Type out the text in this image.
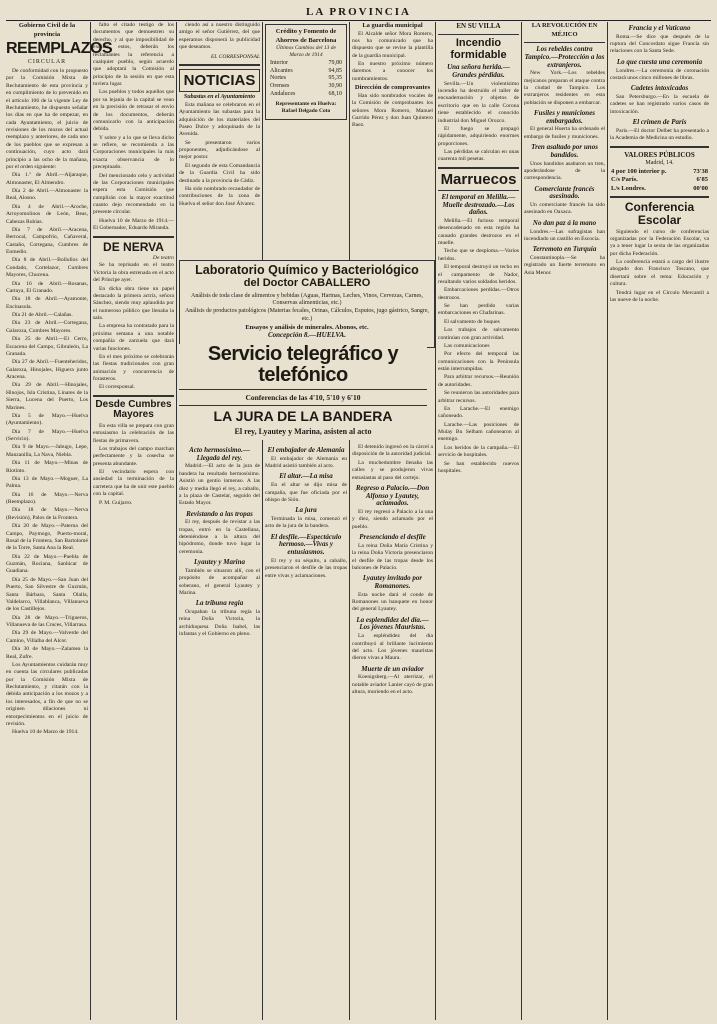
LA PROVINCIA
Gobierno Civil de la provincia
REEMPLAZOS
CIRCULAR

De conformidad con lo propuesto por la Comisión Mixta de Reclutamiento de esta provincia y en cumplimiento de lo prevenido en el artículo 106 de la vigente Ley de Reclutamiento, he dispuesto señalar los días en que ha de empezar, en cada Ayuntamiento, el juicio de revisiones de los mozos del actual reemplazo y anteriores, de cada uno de los pueblos que se expresan a continuación, cuyo acto dará principio a las ocho de la mañana, por el orden siguiente:

Día 1.º de Abril.—Aljaraque, Almonaster, El Almendro.

Día 2 de Abril.—Almonaster la Real, Alosno.

Día 4 de Abril.—Aroche, Arroyomolinos de León, Beas, Cabezas Rubias.

Día 7 de Abril.—Aracena, Berrocal, Campofrío, Cañaveral, Castaño, Cortegana, Cumbres de Enmedio.

Día 8 de Abril.—Bollullos del Condado, Cortelazor, Cumbres Mayores, Chucena.

Día 16 de Abril.—Rosanas, Cartaya, El Granado.

Día 18 de Abril.—Ayamonte, Encinasola.

Día 21 de Abril.—Calañas.

Día 23 de Abril.—Cortegana, Galaroza, Cumbres Mayores.

Día 25 de Abril.—El Cerro, Escacena del Campo, Gibraleón, La Granada.

Día 27 de Abril.—Fuenteheridos, Galaroza, Hinojales, Higuera junto Aracena.

Día 29 de Abril.—Hinojales, Hinojos, Isla Cristina, Linares de la Sierra, Lucena del Puerto, Los Marines.

Día 5 de Mayo.—Huelva (Ayuntamiento).

Día 7 de Mayo.—Huelva (Servicio).

Día 9 de Mayo.—Jabugo, Lepe, Manzanilla, La Nava, Niebla.

Día 11 de Mayo.—Minas de Riotinto.

Día 13 de Mayo.—Moguer, La Palma.

Día 16 de Mayo.—Nerva (Reemplazo).

Día 18 de Mayo.—Nerva (Revisión), Palos de la Frontera.

Día 20 de Mayo.—Paterna del Campo, Paymogo, Puerto-moral, Rosal de la Frontera, San Bartolomé de la Torre, Santa Ana la Real.

Día 22 de Mayo.—Puebla de Guzmán, Rociana, Sanlúcar de Guadiana.

Día 25 de Mayo.—San Juan del Puerto, San Silvestre de Guzmán, Santa Bárbara, Santa Olalla, Valdelarco, Villablanca, Villanueva de los Castillejos.

Día 28 de Mayo.—Trigueros, Villanueva de las Cruces, Villarrasa.

Día 29 de Mayo.—Valverde del Camino, Villalba del Alcor.

Día 30 de Mayo.—Zalamea la Real, Zufre.

Los Ayuntamientos cuidarán muy en cuenta las circulares publicadas por la Comisión Mixta de Reclutamiento, y citarán con la debida anticipación a los mozos y a los interesados, a fin de que no se originen dilaciones ni entorpecimientos en el juicio de revisión.

Huelva 10 de Marzo de 1914.

falto el citado testigo de los documentos que demuestren su derecho, y al que imposibilidad de exhibir estos, deberán los reclamantes la referencia a cualquier pueblo, según acuerdo que adoptará la Comisión al principio de la sesión en que esta tuviera lugar.

Los pueblos y todos aquellos que por su lejanía de la capital se vean en la precisión de retrasar el envío de los documentos, deberán comunicarlo con la anticipación debida.

Y sobre y a lo que se lleva dicho se refiere, se recomienda a las Corporaciones municipales la más exacta observancia de lo preceptuado.

Del mencionado celo y actividad de las Corporaciones municipales espera esta Comisión que cumplirán con la mayor exactitud cuanto dejo recomendado en la presente circular.

Huelva 10 de Marzo de 1914.—El Gobernador, Eduardo Miranda.

DE NERVA
De teatro

Se ha reprisado en el teatro Victoria la obra estrenada en el acto del Príncipe ayer.

En dicha obra tiene un papel destacado la primera actriz, señora Sánchez, siendo muy aplaudida por el numeroso público que llenaba la sala.

La empresa ha contratado para la próxima semana a una notable compañía de zarzuela que dará varias funciones.

En el mes próximo se celebrarán las fiestas tradicionales con gran animación y concurrencia de forasteros.

El corresponsal.

Desde Cumbres Mayores

En esta villa se prepara con gran entusiasmo la celebración de las fiestas de primavera.

Los trabajos del campo marchan perfectamente y la cosecha se presenta abundante.

El vecindario espera con ansiedad la terminación de la carretera que ha de unir este pueblo con la capital.

P. M. Guijarro.

ciendo así a nuestro distinguido amigo el señor Gutiérrez, del que esperamos disponerá la publicidad que deseamos.

EL CORRESPONSAL
NOTICIAS
Subastas en el Ayuntamiento

Esta mañana se celebraron en el Ayuntamiento las subastas para la adquisición de los materiales del Paseo Dulce y adoquinado de la Avenida.

Se presentaron varios proponentes, adjudicándose al mejor postor.

El segundo de esta Comandancia de la Guardia Civil ha sido destinado a la provincia de Cádiz.

Ha sido nombrado recaudador de contribuciones de la zona de Huelva el señor don José Álvarez.

Crédito y Fomento de Ahorros de Barcelona
Últimos Cambios del 13 de Marzo de 1914
Interior	79,80
Alicantes	94,85
Nortes	95,35
Orenses	30,90
Andaluces	68,10
Representante en Huelva: Rafael Delgado Coto
La guardia municipal

El Alcalde señor Mora Romero, nos ha comunicado que ha dispuesto que se revise la plantilla de la guardia municipal.

En nuestro próximo número daremos a conocer los nombramientos.

Dirección de comprovantes

Han sido nombrados vocales de la Comisión de comprobantes los señores Mora Romero, Manuel Garrido Pérez y don Juan Quintero Baez.

Laboratorio Químico y Bacteriológico
del Doctor CABALLERO
Análisis de toda clase de alimentos y bebidas (Aguas, Harinas, Leches, Vinos, Cervezas, Carnes, Conservas alimenticias, etc.)
Análisis de productos patológicos (Materias fecales, Orinas, Cálculos, Esputos, jugo gástrico, Sangre, etc.)
Ensayos y análisis de minerales. Abonos, etc.
Concepción 8.—HUELVA.
Servicio telegráfico y telefónico
Conferencias de las 4'10, 5'10 y 6'10
LA JURA DE LA BANDERA
El rey, Lyautey y Marina, asisten al acto
Acto hermosísimo.—Llegada del rey.

Madrid.—El acto de la jura de bandera ha resultado hermosísimo. Asistió un gentío inmenso. A las diez y media llegó el rey, a caballo, a la plaza de Castelar, seguido del Estado Mayor.

Revistando a las tropas

El rey, después de revistar a las tropas, entró en la Castellana, deteniéndose a la altura del hipódromo, donde tuvo lugar la ceremonia.

Lyautey y Marina

También se situaron allí, con el propósito de acompañar al soberano, el general Lyautey y Marina.

La tribuna regia

Ocupaban la tribuna regia la reina Doña Victoria, la archiduquesa Doña Isabel, las infantas y el Gobierno en pleno.

El embajador de Alemania

El embajador de Alemania en Madrid asistió también al acto.

El altar.—La misa

En el altar se dijo misa de campaña, que fue oficiada por el obispo de Sión.

La jura

Terminada la misa, comenzó el acto de la jura de la bandera.

El desfile.—Espectáculo hermoso.—Vivas y entusiasmos.

El rey y su séquito, a caballo, presenciaron el desfile de las tropas entre vivas y aclamaciones.

El detenido ingresó en la cárcel a disposición de la autoridad judicial.

La muchedumbre llenaba las calles y se produjeron vivas entusiastas al paso del cortejo.

Regreso a Palacio.—Don Alfonso y Lyautey, aclamados.

El rey regresó a Palacio a la una y diez, siendo aclamado por el pueblo.

Presenciando el desfile

La reina Doña María Cristina y la reina Doña Victoria presenciaron el desfile de las tropas desde los balcones de Palacio.

Lyautey invitado por Romanones.

Esta noche dará el conde de Romanones un banquete en honor del general Lyautey.

La esplendidez del día.—Los jóvenes Mauristas.

La espléndidez del día contribuyó al brillante lucimiento del acto. Los jóvenes mauristas dieron vivas a Maura.

Muerte de un aviador

Koenigsberg.—Al aterrizar, el notable aviador Lanier cayó de gran altura, muriendo en el acto.

EN SU VILLA
Incendio formidable
Una señora herida.—Grandes pérdidas.

Sevilla.—Un violentísimo incendio ha destruído el taller de encuadernación y objetos de escritorio que en la calle Corona tiene establecido el conocido industrial don Miguel Orozco.

El fuego se propagó rápidamente, adquiriendo enormes proporciones.

Las pérdidas se calculan en unas cuarenta mil pesetas.

Marruecos
El temporal en Melilla.—Muelle destrozado.—Los daños.

Melilla.—El furioso temporal desencadenado en esta región ha causado grandes destrozos en el muelle.

Techo que se desploma.—Varios heridos.

El temporal destruyó un techo en el campamento de Nador, resultando varios soldados heridos.

Embarcaciones perdidas.—Otros destrozos.

Se han perdido varias embarcaciones en Chafarinas.

El salvamento de buques

Los trabajos de salvamento continúan con gran actividad.

Las comunicaciones

Por efecto del temporal las comunicaciones con la Península están interrumpidas.

Para arbitrar recursos.—Reunión de autoridades.

Se reunieron las autoridades para arbitrar recursos.

En Larache.—El enemigo cañoneado.

Larache.—Las posiciones de Mulay Bu Selham cañonearon al enemigo.

Los heridos de la campaña.—El servicio de hospitales.

Se han establecido nuevos hospitales.

LA REVOLUCIÓN EN MÉJICO
Los rebeldes contra Tampico.—Protección a los extranjeros.

New York.—Los rebeldes mejicanos preparan el ataque contra la ciudad de Tampico. Los extranjeros residentes en esta población se disponen a embarcar.

Fusiles y municiones embargados.

El general Huerta ha ordenado el embargo de fusiles y municiones.

Tren asaltado por unos bandidos.

Unos bandidos asaltaron un tren, apoderándose de la correspondencia.

Comerciante francés asesinado.

Un comerciante francés ha sido asesinado en Oaxaca.

No dan paz á la mano

Londres.—Las sufragistas han incendiado un castillo en Escocia.

Terremoto en Turquía

Constantinopla.—Se ha registrado un fuerte terremoto en Asia Menor.

Francia y el Vaticano

Roma.—Se dice que después de la ruptura del Concordato sigue Francia sin relaciones con la Santa Sede.

Lo que cuesta una ceremonia

Londres.—La ceremonia de coronación costará unos cinco millones de libras.

Cadetes intoxicados

San Petersburgo.—En la escuela de cadetes se han registrado varios casos de intoxicación.

El crimen de Paris

Paris.—El doctor Delbet ha presentado a la Academia de Medicina un estudio.

VALORES PÚBLICOS
Madrid, 14.
4 por 100 interior p.	73'38
C/s París.	6'85
L/s Londres.	00'00
Conferencia Escolar

Siguiendo el curso de conferencias organizadas por la Federación Escolar, va ya a tener lugar la sexta de las organizadas por dicha Federación.

La conferencia estará a cargo del ilustre abogado don Francisco Toscano, que disertará sobre el tema: Educación y cultura.

Tendrá lugar en el Círculo Mercantil a las nueve de la noche.
